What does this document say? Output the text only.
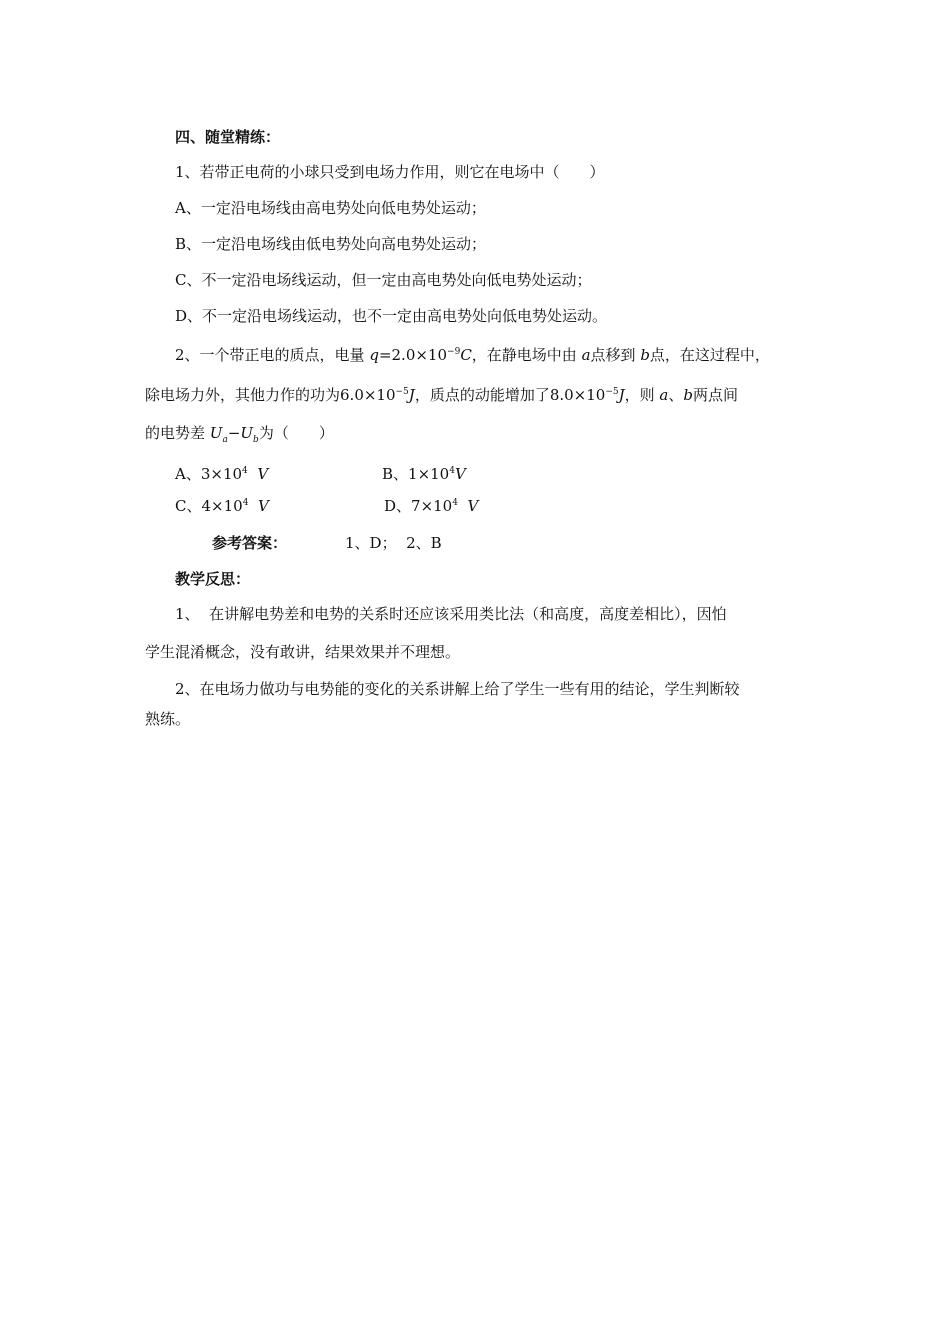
四、随堂精练：
1、若带正电荷的小球只受到电场力作用，则它在电场中（　　）
A、一定沿电场线由高电势处向低电势处运动；
B、一定沿电场线由低电势处向高电势处运动；
C、不一定沿电场线运动，但一定由高电势处向低电势处运动；
D、不一定沿电场线运动，也不一定由高电势处向低电势处运动。
2、一个带正电的质点，电量 $q=2.0\times 10^{-9}C$，在静电场中由 a点移到 b点，在这过程中，
除电场力外，其他力作的功为$6.0\times 10^{-5}J$，质点的动能增加了$8.0\times 10^{-5}J$，则 a、b两点间
的电势差 $U_a-U_b$为（　　）
A、$3\times 10^4$ V	B、$1\times 10^4V$
C、$4\times 10^4$ V	D、$7\times 10^4$ V
参考答案：	1、D；  2、B
教学反思：
1、  在讲解电势差和电势的关系时还应该采用类比法（和高度，高度差相比），因怕
学生混淆概念，没有敢讲，结果效果并不理想。
2、在电场力做功与电势能的变化的关系讲解上给了学生一些有用的结论，学生判断较
熟练。
